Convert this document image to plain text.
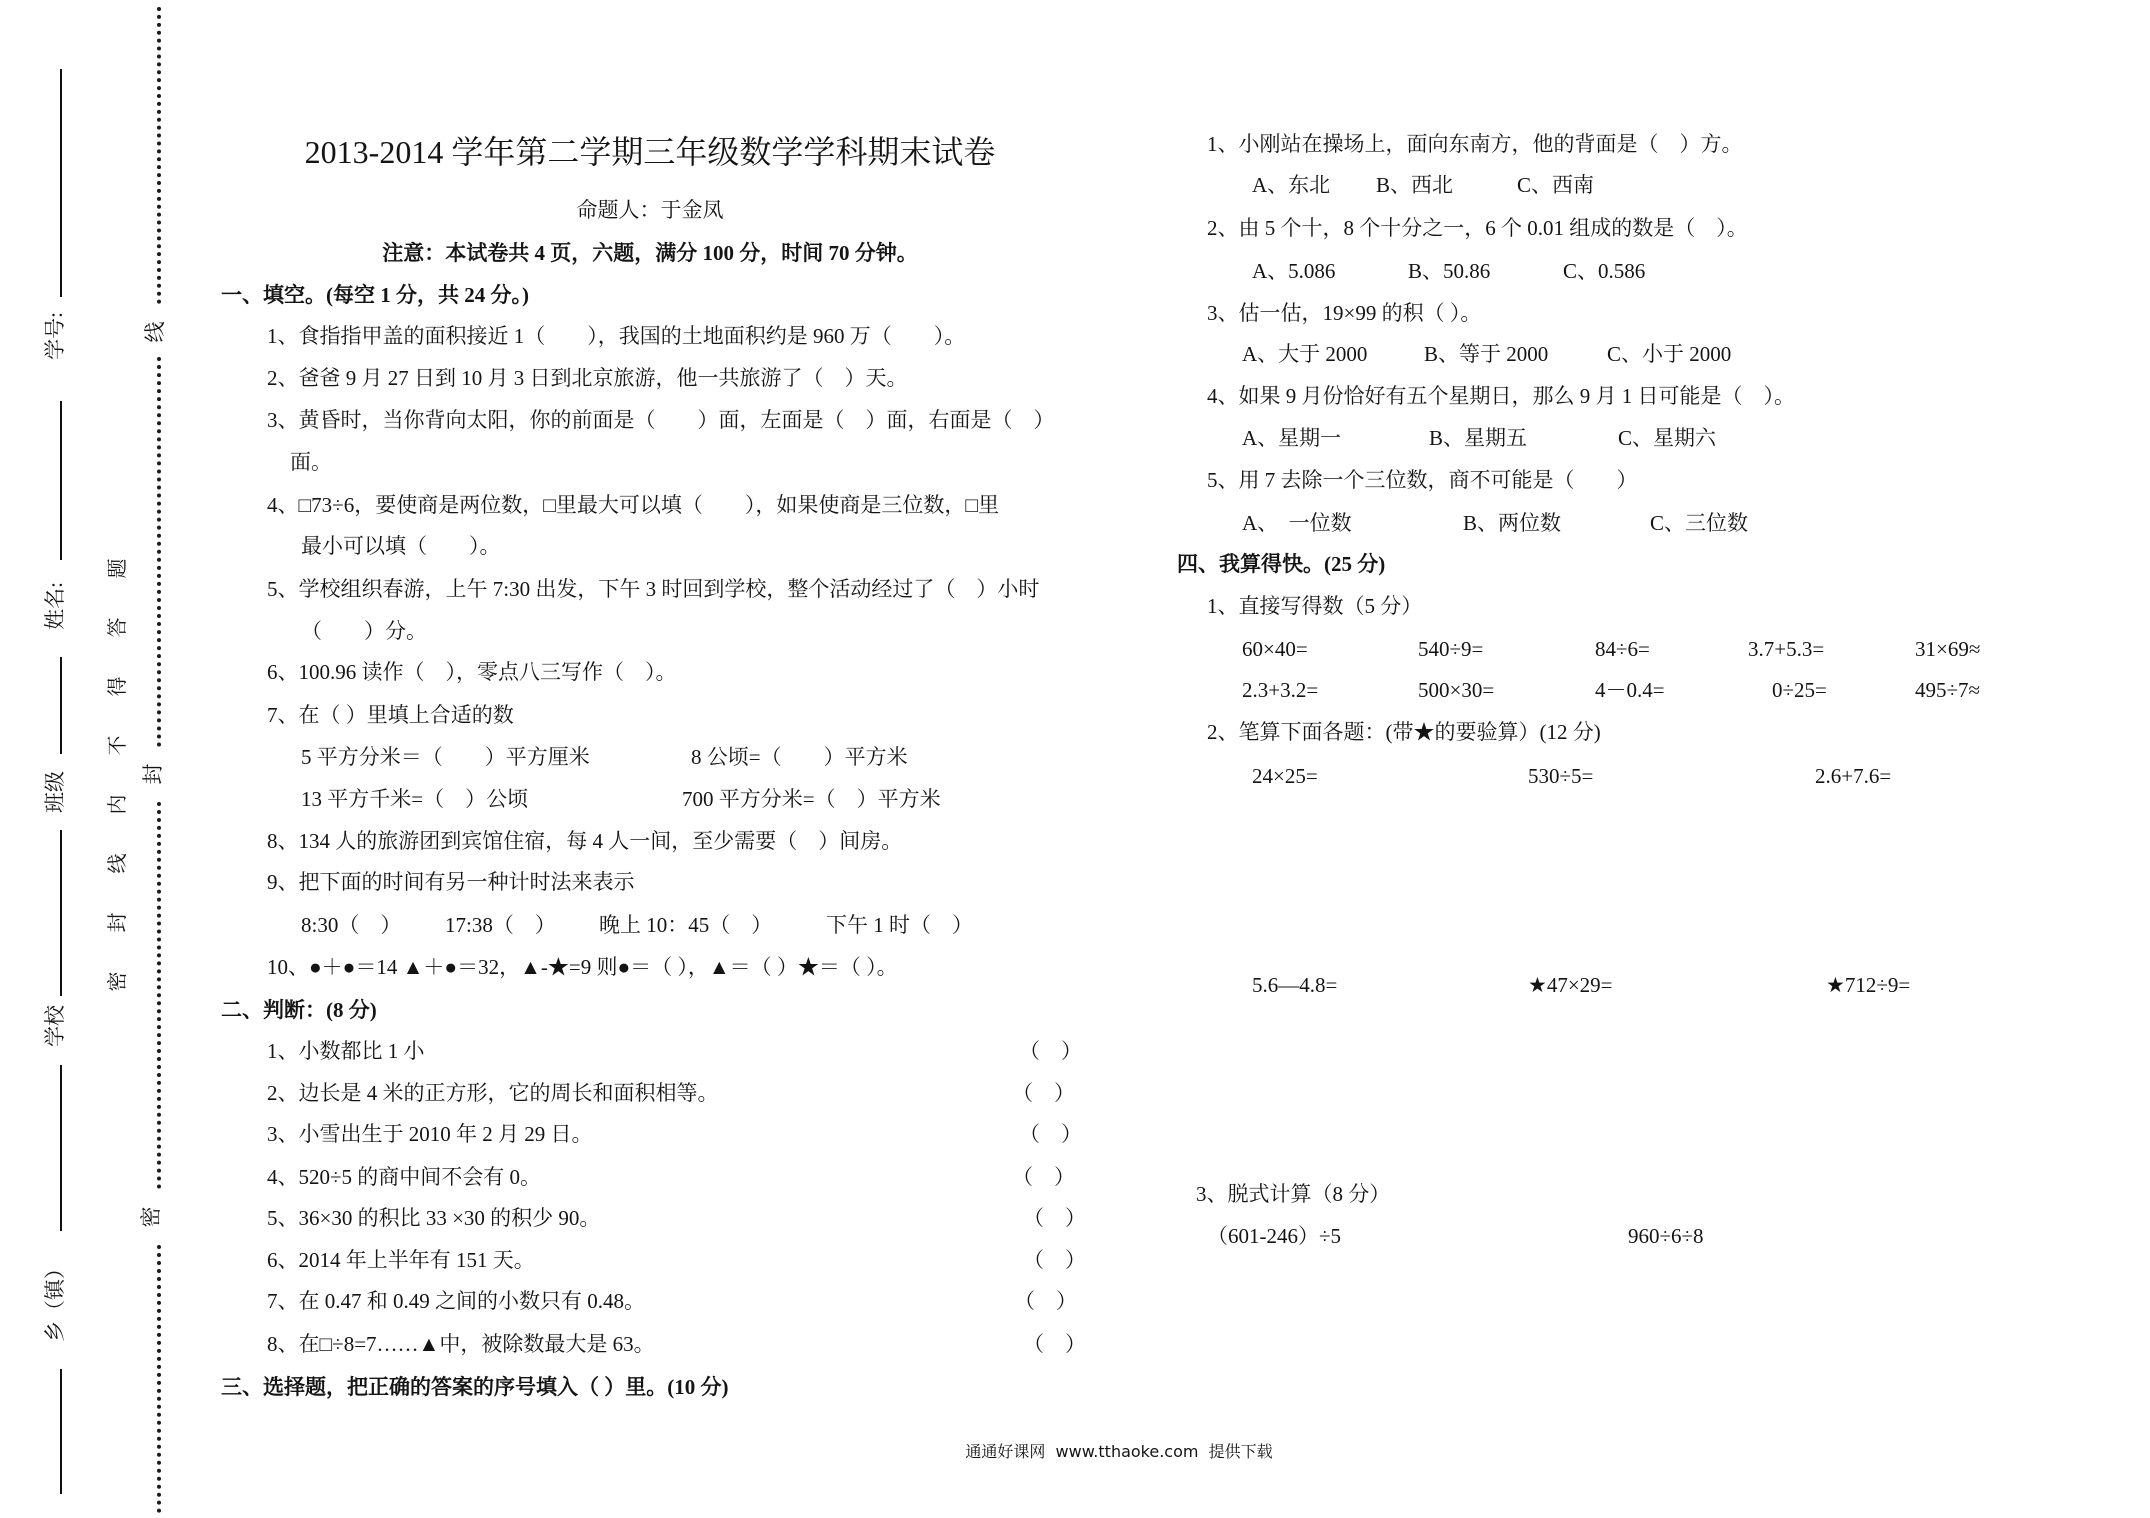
学号:
姓名:
班级
学校
乡（镇）
密封线内不得答题
线
封
密
2013-2014 学年第二学期三年级数学学科期末试卷
命题人：于金凤
注意：本试卷共 4 页，六题，满分 100 分，时间 70 分钟。
一、填空。(每空 1 分，共 24 分。)
1、食指指甲盖的面积接近 1（　　），我国的土地面积约是 960 万（　　）。
2、爸爸 9 月 27 日到 10 月 3 日到北京旅游，他一共旅游了（　）天。
3、黄昏时，当你背向太阳，你的前面是（　　）面，左面是（　）面，右面是（　）
面。
4、□73÷6，要使商是两位数，□里最大可以填（　　），如果使商是三位数，□里
最小可以填（　　）。
5、学校组织春游，上午 7:30 出发，下午 3 时回到学校，整个活动经过了（　）小时
（　　）分。
6、100.96 读作（　），零点八三写作（　）。
7、在（ ）里填上合适的数
5 平方分米＝（　　）平方厘米	8 公顷=（　　）平方米
13 平方千米=（　）公顷	700 平方分米=（　）平方米
8、134 人的旅游团到宾馆住宿，每 4 人一间，至少需要（　）间房。
9、把下面的时间有另一种计时法来表示
8:30（　） 17:38（　） 晚上 10：45（　）	下午 1 时（　）
10、●＋●＝14 ▲＋●＝32，▲-★=9 则●＝（ ），▲＝（ ）★＝（ ）。
二、判断：(8 分)
1、小数都比 1 小	（　）
2、边长是 4 米的正方形，它的周长和面积相等。	（　）
3、小雪出生于 2010 年 2 月 29 日。	（　）
4、520÷5 的商中间不会有 0。	（　）
5、36×30 的积比 33 ×30 的积少 90。	（　）
6、2014 年上半年有 151 天。	（　）
7、在 0.47 和 0.49 之间的小数只有 0.48。	（　）
8、在□÷8=7……▲中，被除数最大是 63。	（　）
三、选择题，把正确的答案的序号填入（ ）里。(10 分)
1、小刚站在操场上，面向东南方，他的背面是（　）方。
A、东北 B、西北	C、西南
2、由 5 个十，8 个十分之一，6 个 0.01 组成的数是（　）。
A、5.086	B、50.86	C、0.586
3、估一估，19×99 的积（ ）。
A、大于 2000	B、等于 2000	C、小于 2000
4、如果 9 月份恰好有五个星期日，那么 9 月 1 日可能是（　）。
A、星期一	B、星期五	C、星期六
5、用 7 去除一个三位数，商不可能是（　　）
A、　一位数	B、两位数	C、三位数
四、我算得快。(25 分)
1、直接写得数（5 分）
60×40=	540÷9=	84÷6=	3.7+5.3=	31×69≈
2.3+3.2=	500×30=	4－0.4=	0÷25=	495÷7≈
2、笔算下面各题：(带★的要验算）(12 分)
24×25=	530÷5=	2.6+7.6=
5.6—4.8=	★47×29=	★712÷9=
3、脱式计算（8 分）
（601-246）÷5	960÷6÷8
通通好课网  www.tthaoke.com  提供下载
